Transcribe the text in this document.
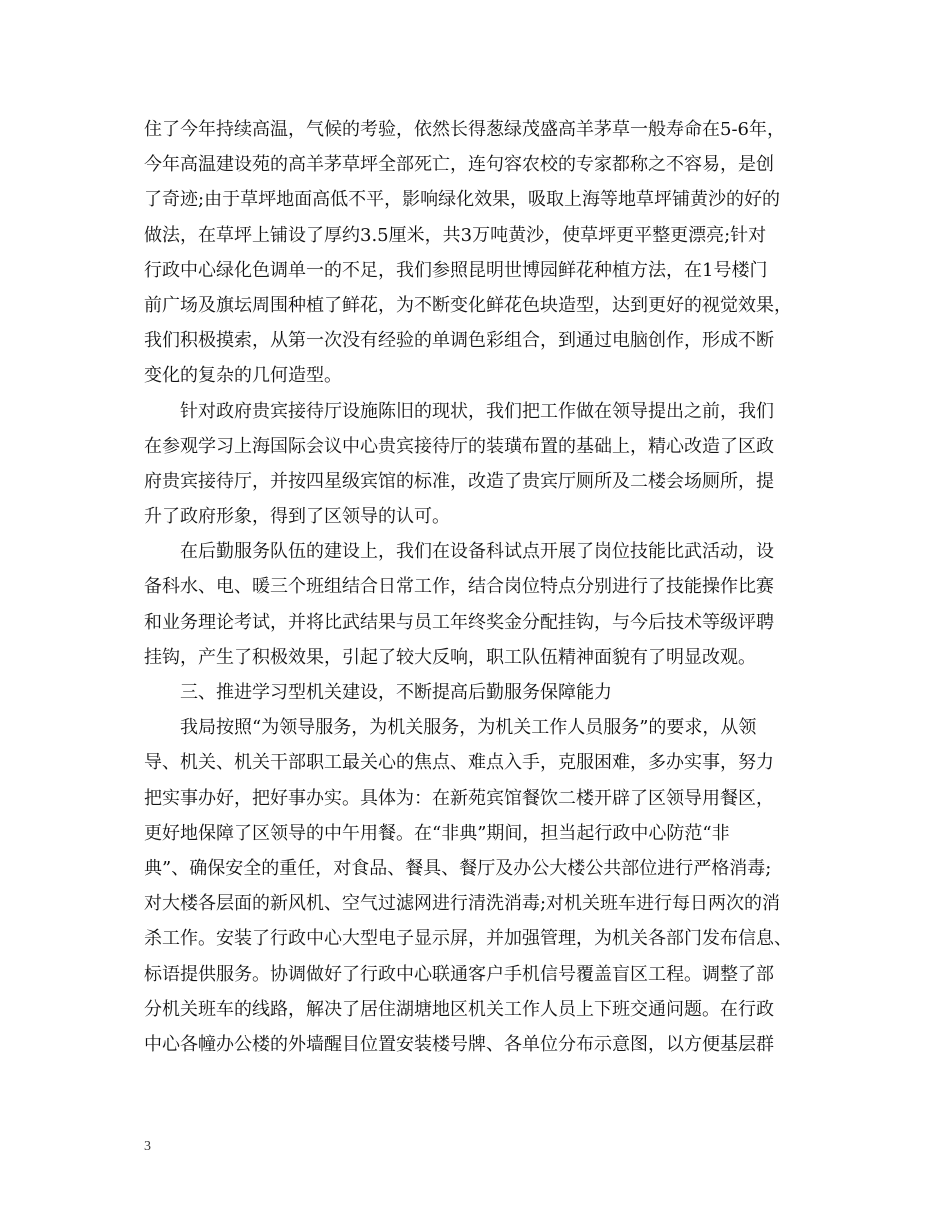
住了今年持续高温，气候的考验，依然长得葱绿茂盛高羊茅草一般寿命在5-6年，
今年高温建设苑的高羊茅草坪全部死亡，连句容农校的专家都称之不容易，是创
了奇迹;由于草坪地面高低不平，影响绿化效果，吸取上海等地草坪铺黄沙的好的
做法，在草坪上铺设了厚约3.5厘米，共3万吨黄沙，使草坪更平整更漂亮;针对
行政中心绿化色调单一的不足，我们参照昆明世博园鲜花种植方法，在1号楼门
前广场及旗坛周围种植了鲜花，为不断变化鲜花色块造型，达到更好的视觉效果，
我们积极摸索，从第一次没有经验的单调色彩组合，到通过电脑创作，形成不断
变化的复杂的几何造型。
针对政府贵宾接待厅设施陈旧的现状，我们把工作做在领导提出之前，我们
在参观学习上海国际会议中心贵宾接待厅的装璜布置的基础上，精心改造了区政
府贵宾接待厅，并按四星级宾馆的标准，改造了贵宾厅厕所及二楼会场厕所，提
升了政府形象，得到了区领导的认可。
在后勤服务队伍的建设上，我们在设备科试点开展了岗位技能比武活动，设
备科水、电、暖三个班组结合日常工作，结合岗位特点分别进行了技能操作比赛
和业务理论考试，并将比武结果与员工年终奖金分配挂钩，与今后技术等级评聘
挂钩，产生了积极效果，引起了较大反响，职工队伍精神面貌有了明显改观。
三、推进学习型机关建设，不断提高后勤服务保障能力
我局按照“为领导服务，为机关服务，为机关工作人员服务”的要求，从领
导、机关、机关干部职工最关心的焦点、难点入手，克服困难，多办实事，努力
把实事办好，把好事办实。具体为：在新苑宾馆餐饮二楼开辟了区领导用餐区，
更好地保障了区领导的中午用餐。在“非典”期间，担当起行政中心防范“非
典”、确保安全的重任，对食品、餐具、餐厅及办公大楼公共部位进行严格消毒;
对大楼各层面的新风机、空气过滤网进行清洗消毒;对机关班车进行每日两次的消
杀工作。安装了行政中心大型电子显示屏，并加强管理，为机关各部门发布信息、
标语提供服务。协调做好了行政中心联通客户手机信号覆盖盲区工程。调整了部
分机关班车的线路，解决了居住湖塘地区机关工作人员上下班交通问题。在行政
中心各幢办公楼的外墙醒目位置安装楼号牌、各单位分布示意图，以方便基层群
3
